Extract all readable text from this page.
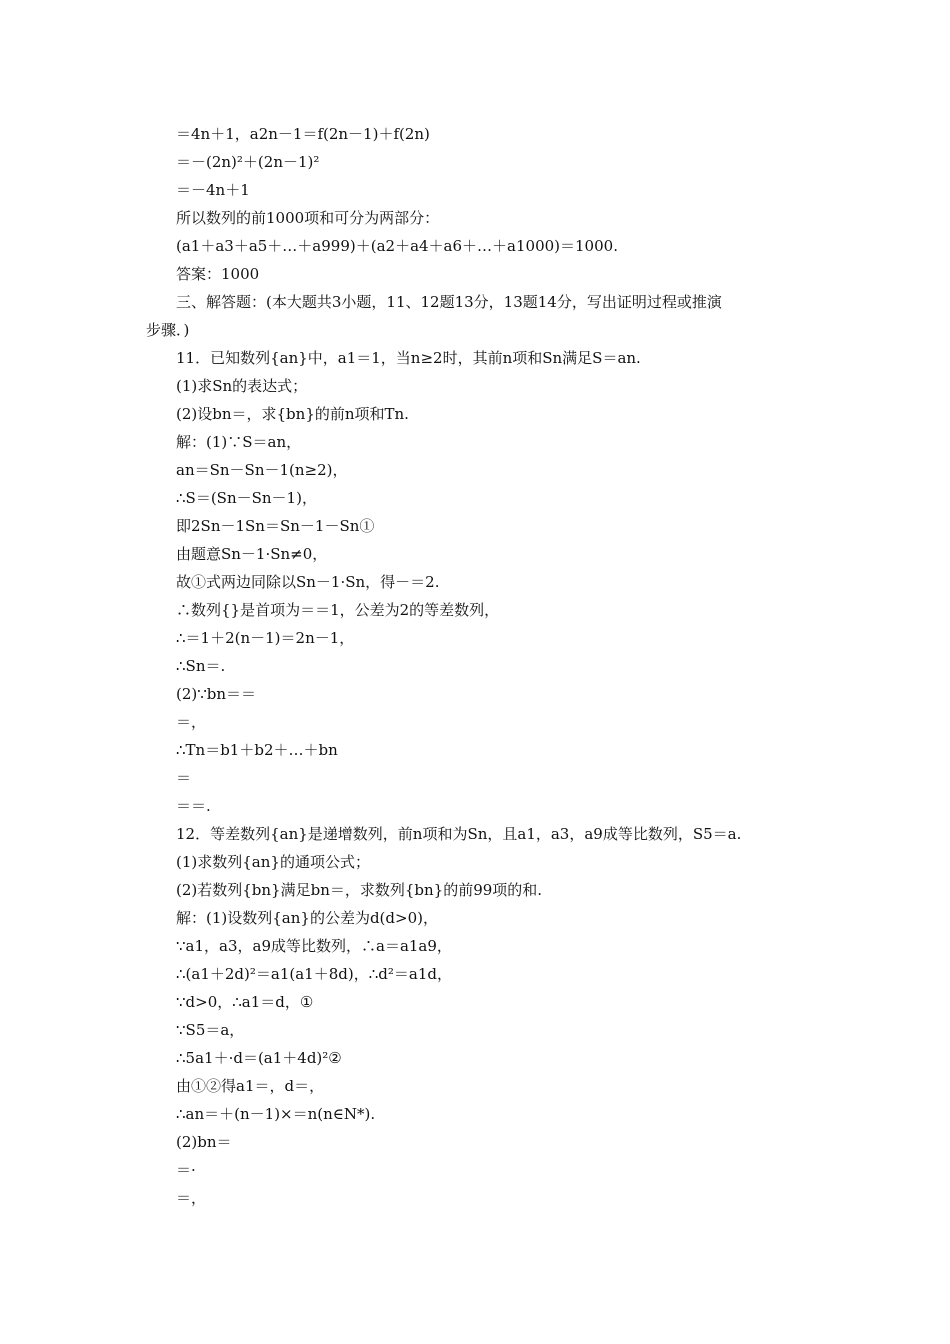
＝4n＋1，a2n－1＝f(2n－1)＋f(2n)
＝－(2n)²＋(2n－1)²
＝－4n＋1
所以数列的前1000项和可分为两部分：
(a1＋a3＋a5＋…＋a999)＋(a2＋a4＋a6＋…＋a1000)＝1000.
答案：1000
三、解答题：(本大题共3小题，11、12题13分，13题14分，写出证明过程或推演
步骤．)
11．已知数列{an}中，a1＝1，当n≥2时，其前n项和Sn满足S＝an.
(1)求Sn的表达式；
(2)设bn＝，求{bn}的前n项和Tn.
解：(1)∵S＝an，
an＝Sn－Sn－1(n≥2)，
∴S＝(Sn－Sn－1)，
即2Sn－1Sn＝Sn－1－Sn①
由题意Sn－1·Sn≠0，
故①式两边同除以Sn－1·Sn，得－＝2.
∴数列{}是首项为＝＝1，公差为2的等差数列，
∴＝1＋2(n－1)＝2n－1，
∴Sn＝.
(2)∵bn＝＝
＝，
∴Tn＝b1＋b2＋…＋bn
＝
＝＝.
12．等差数列{an}是递增数列，前n项和为Sn，且a1，a3，a9成等比数列，S5＝a.
(1)求数列{an}的通项公式；
(2)若数列{bn}满足bn＝，求数列{bn}的前99项的和.
解：(1)设数列{an}的公差为d(d>0)，
∵a1，a3，a9成等比数列，∴a＝a1a9，
∴(a1＋2d)²＝a1(a1＋8d)，∴d²＝a1d，
∵d>0，∴a1＝d，①
∵S5＝a，
∴5a1＋·d＝(a1＋4d)²②
由①②得a1＝，d＝，
∴an＝＋(n－1)×＝n(n∈N*).
(2)bn＝
＝·
＝，
